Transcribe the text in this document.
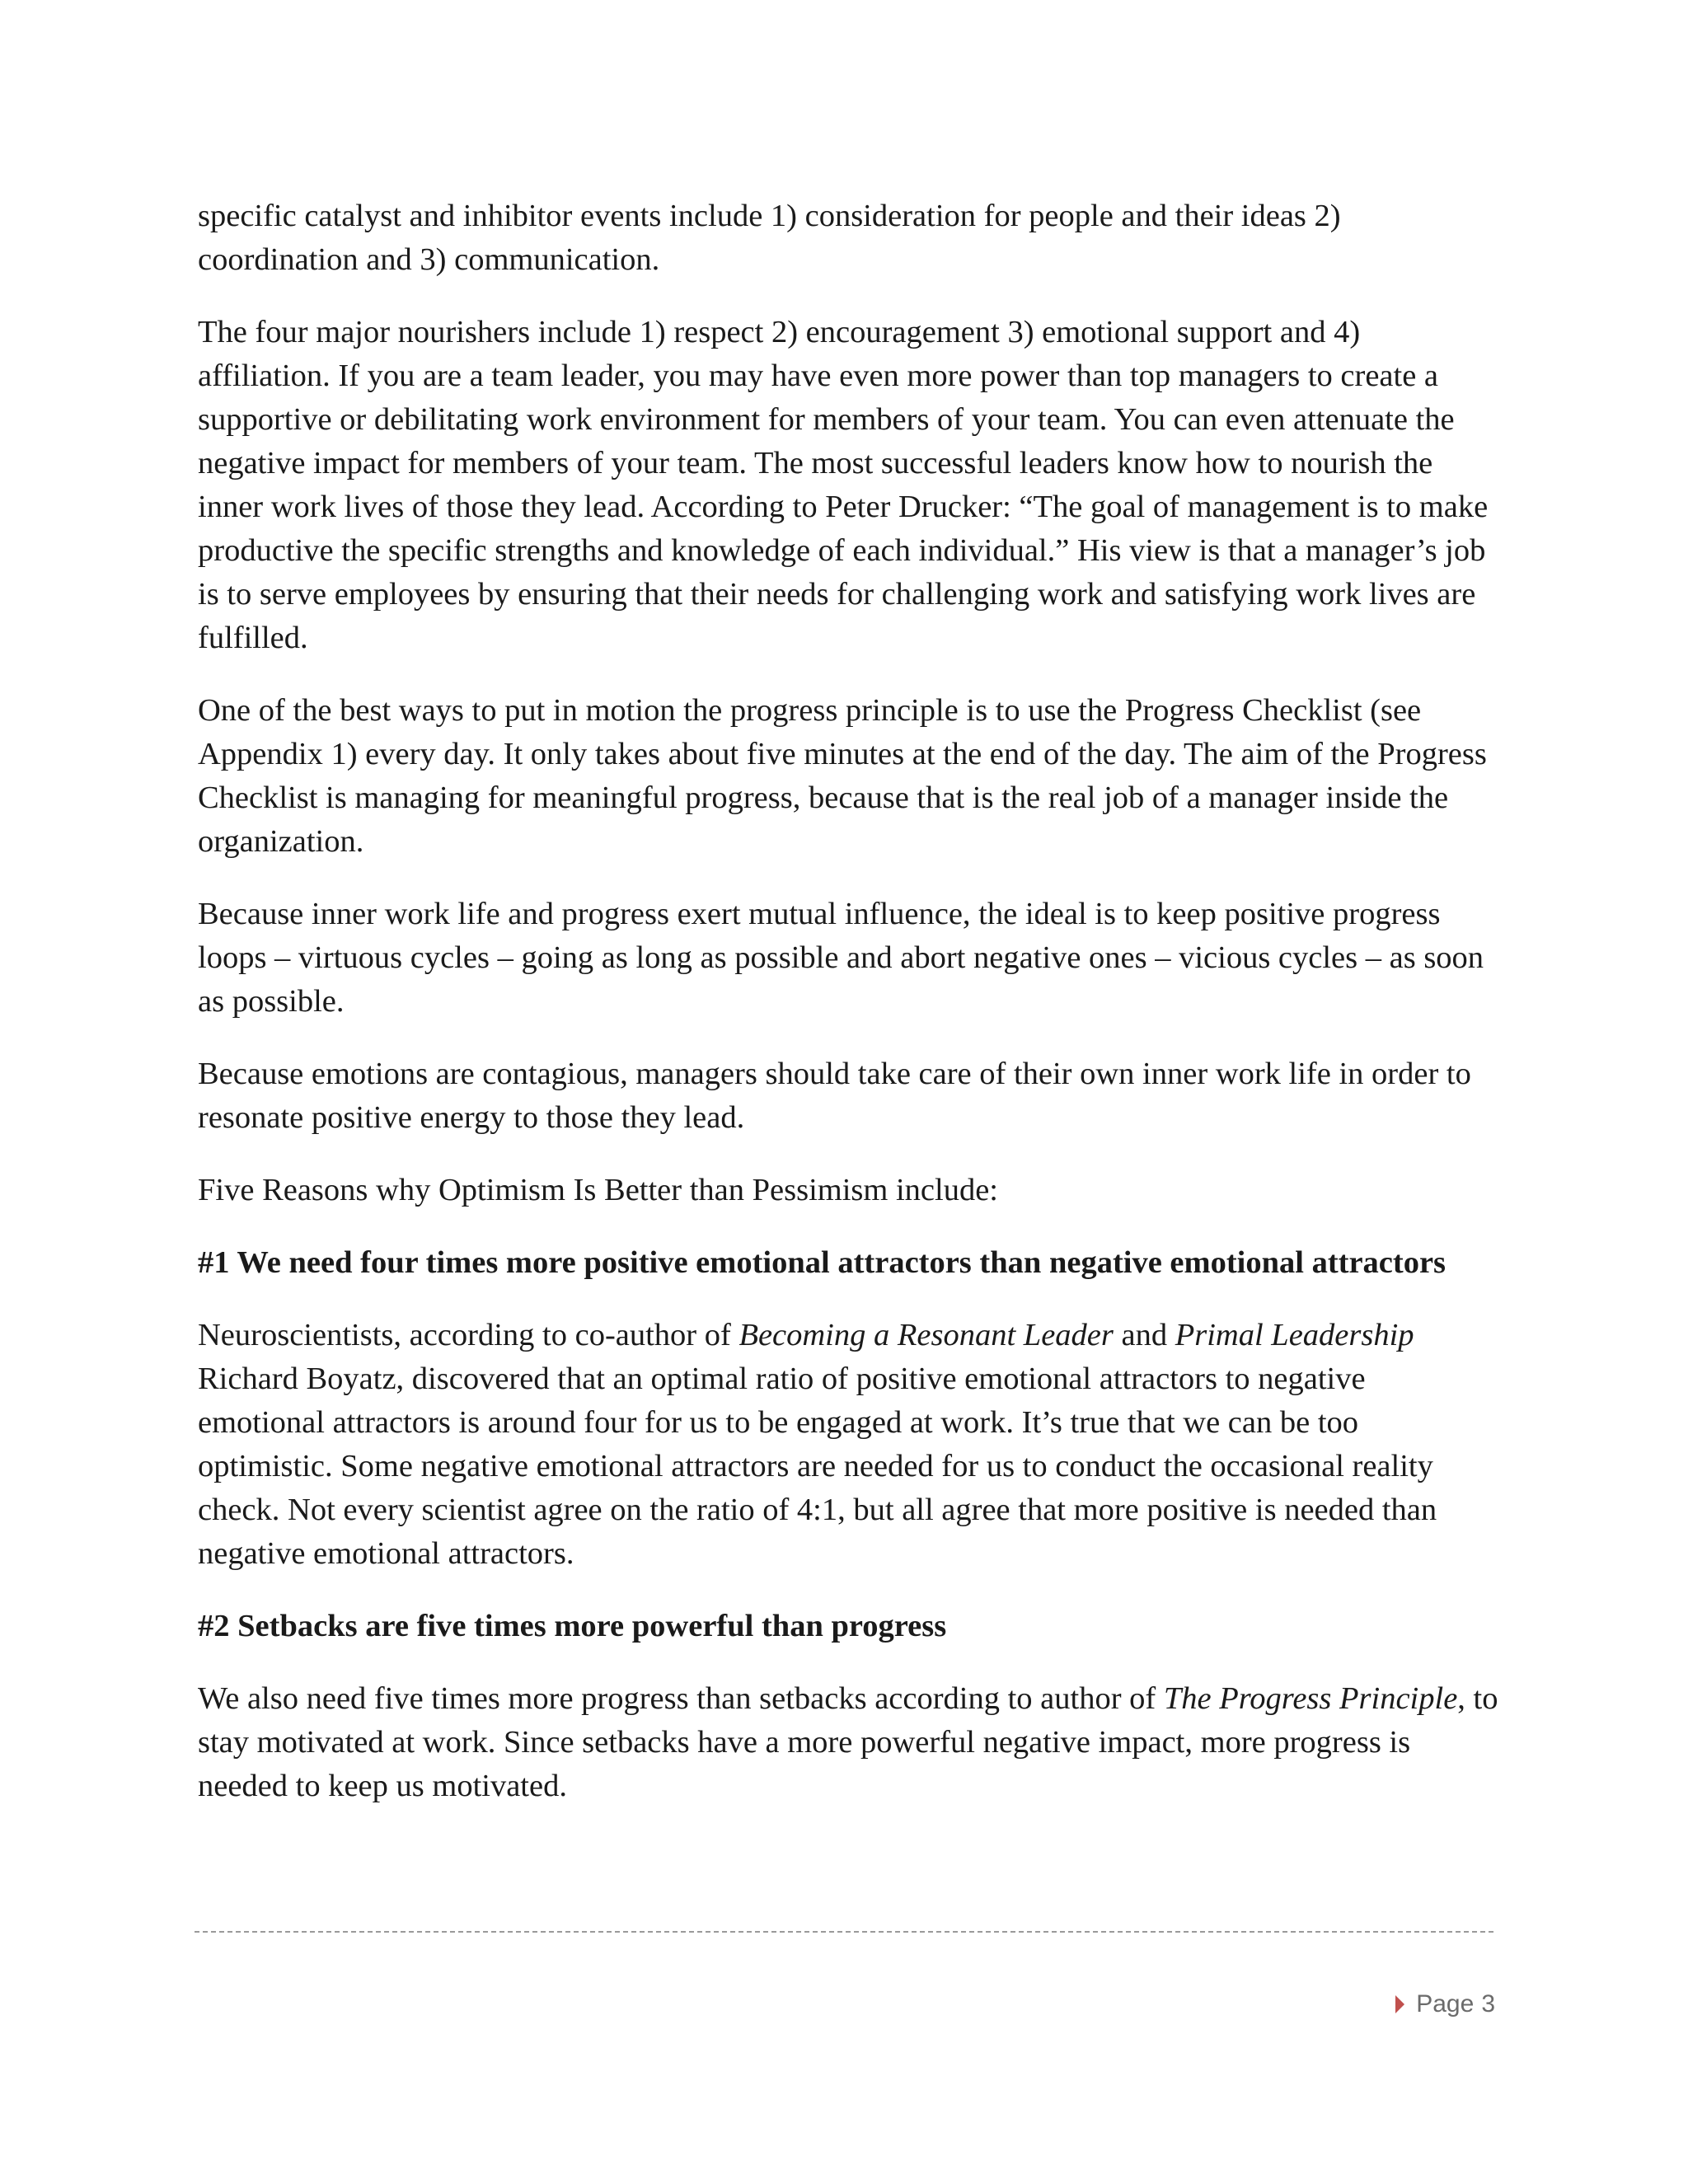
specific catalyst and inhibitor events include 1) consideration for people and their ideas 2) coordination and 3) communication.

The four major nourishers include 1) respect 2) encouragement 3) emotional support and 4) affiliation. If you are a team leader, you may have even more power than top managers to create a supportive or debilitating work environment for members of your team. You can even attenuate the negative impact for members of your team. The most successful leaders know how to nourish the inner work lives of those they lead. According to Peter Drucker: “The goal of management is to make productive the specific strengths and knowledge of each individual.” His view is that a manager’s job is to serve employees by ensuring that their needs for challenging work and satisfying work lives are fulfilled.

One of the best ways to put in motion the progress principle is to use the Progress Checklist (see Appendix 1) every day. It only takes about five minutes at the end of the day. The aim of the Progress Checklist is managing for meaningful progress, because that is the real job of a manager inside the organization.

Because inner work life and progress exert mutual influence, the ideal is to keep positive progress loops – virtuous cycles – going as long as possible and abort negative ones – vicious cycles – as soon as possible.

Because emotions are contagious, managers should take care of their own inner work life in order to resonate positive energy to those they lead.

Five Reasons why Optimism Is Better than Pessimism include:

#1 We need four times more positive emotional attractors than negative emotional attractors

Neuroscientists, according to co-author of Becoming a Resonant Leader and Primal Leadership Richard Boyatz, discovered that an optimal ratio of positive emotional attractors to negative emotional attractors is around four for us to be engaged at work. It’s true that we can be too optimistic. Some negative emotional attractors are needed for us to conduct the occasional reality check. Not every scientist agree on the ratio of 4:1, but all agree that more positive is needed than negative emotional attractors.

#2 Setbacks are five times more powerful than progress

We also need five times more progress than setbacks according to author of The Progress Principle, to stay motivated at work. Since setbacks have a more powerful negative impact, more progress is needed to keep us motivated.

Page 3
